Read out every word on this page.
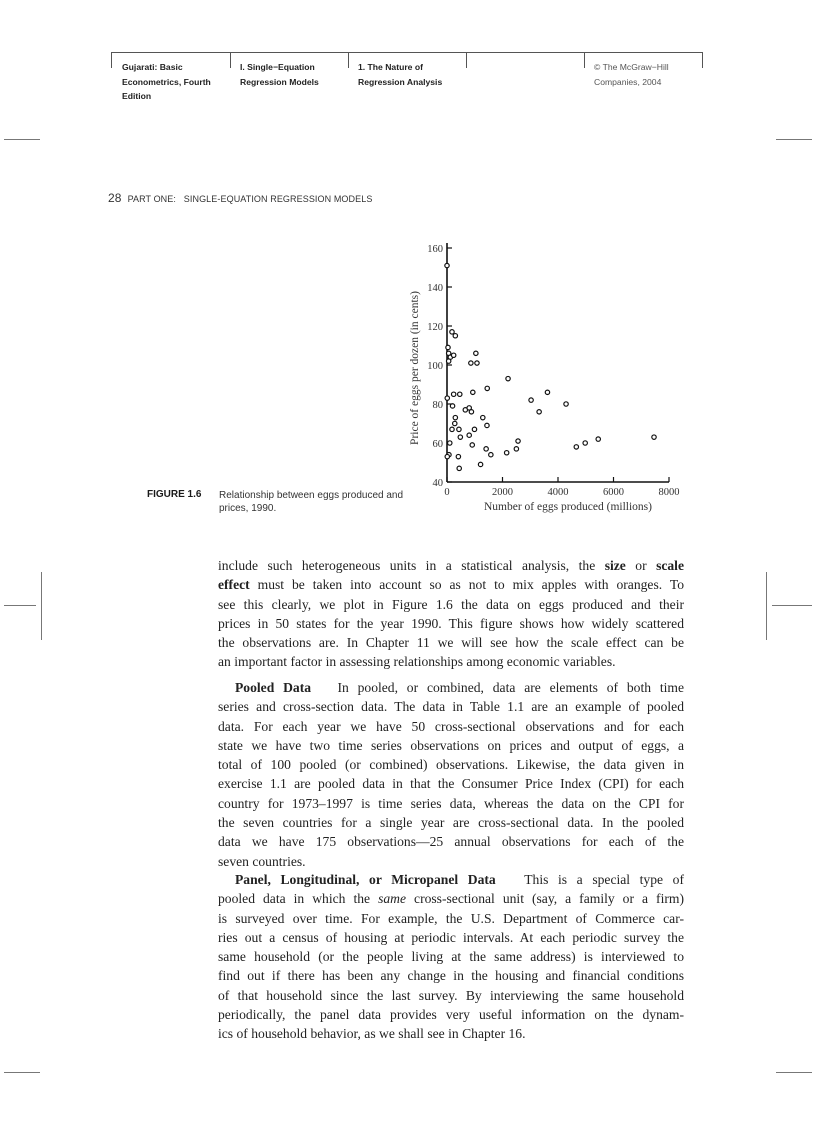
Gujarati: Basic
Econometrics, Fourth
Edition
I. Single−Equation
Regression Models
1. The Nature of
Regression Analysis
© The McGraw−Hill
Companies, 2004
28 PART ONE:   SINGLE-EQUATION REGRESSION MODELS
40
60
80
100
120
140
160
0	2000	4000	6000	8000
Number of eggs produced (millions)
Price of eggs per dozen (in cents)
FIGURE 1.6 Relationship between eggs produced and prices, 1990.
include such heterogeneous units in a statistical analysis, the size or scale
effect must be taken into account so as not to mix apples with oranges. To
see this clearly, we plot in Figure 1.6 the data on eggs produced and their
prices in 50 states for the year 1990. This figure shows how widely scattered
the observations are. In Chapter 11 we will see how the scale effect can be
an important factor in assessing relationships among economic variables.
Pooled Data   In pooled, or combined, data are elements of both time
series and cross-section data. The data in Table 1.1 are an example of pooled
data. For each year we have 50 cross-sectional observations and for each
state we have two time series observations on prices and output of eggs, a
total of 100 pooled (or combined) observations. Likewise, the data given in
exercise 1.1 are pooled data in that the Consumer Price Index (CPI) for each
country for 1973–1997 is time series data, whereas the data on the CPI for
the seven countries for a single year are cross-sectional data. In the pooled
data we have 175 observations—25 annual observations for each of the
seven countries.
Panel, Longitudinal, or Micropanel Data   This is a special type of
pooled data in which the same cross-sectional unit (say, a family or a firm)
is surveyed over time. For example, the U.S. Department of Commerce car-
ries out a census of housing at periodic intervals. At each periodic survey the
same household (or the people living at the same address) is interviewed to
find out if there has been any change in the housing and financial conditions
of that household since the last survey. By interviewing the same household
periodically, the panel data provides very useful information on the dynam-
ics of household behavior, as we shall see in Chapter 16.
